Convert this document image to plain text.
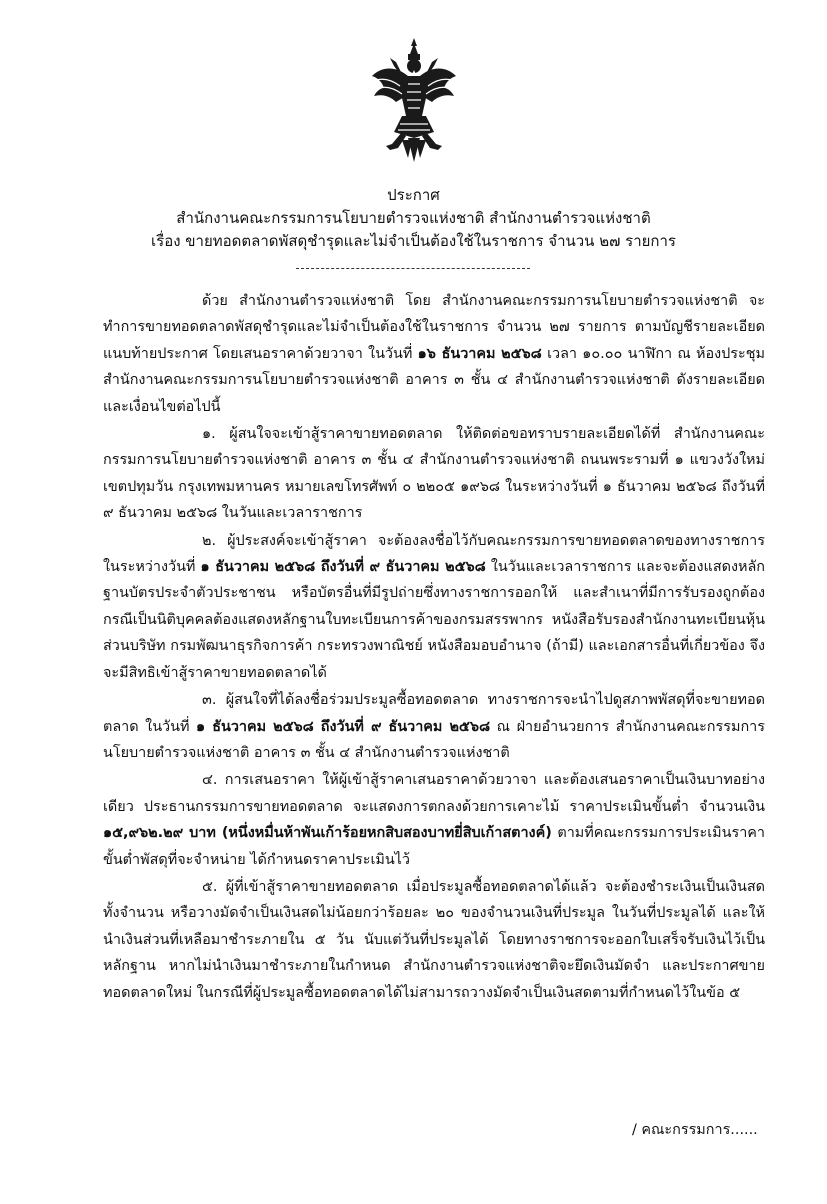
ประกาศ
สำนักงานคณะกรรมการนโยบายตำรวจแห่งชาติ สำนักงานตำรวจแห่งชาติ
เรื่อง ขายทอดตลาดพัสดุชำรุดและไม่จำเป็นต้องใช้ในราชการ จำนวน ๒๗ รายการ

ด้วย สำนักงานตำรวจแห่งชาติ โดย สำนักงานคณะกรรมการนโยบายตำรวจแห่งชาติ จะทำการขายทอดตลาดพัสดุชำรุดและไม่จำเป็นต้องใช้ในราชการ จำนวน ๒๗ รายการ ตามบัญชีรายละเอียดแนบท้ายประกาศ โดยเสนอราคาด้วยวาจา ในวันที่ ๑๖ ธันวาคม ๒๕๖๘ เวลา ๑๐.๐๐ นาฬิกา ณ ห้องประชุม สำนักงานคณะกรรมการนโยบายตำรวจแห่งชาติ อาคาร ๓ ชั้น ๔ สำนักงานตำรวจแห่งชาติ ดังรายละเอียดและเงื่อนไขต่อไปนี้

๑. ผู้สนใจจะเข้าสู้ราคาขายทอดตลาด ให้ติดต่อขอทราบรายละเอียดได้ที่ สำนักงานคณะกรรมการนโยบายตำรวจแห่งชาติ อาคาร ๓ ชั้น ๔ สำนักงานตำรวจแห่งชาติ ถนนพระรามที่ ๑ แขวงวังใหม่ เขตปทุมวัน กรุงเทพมหานคร หมายเลขโทรศัพท์ ๐ ๒๒๐๕ ๑๙๖๘ ในระหว่างวันที่ ๑ ธันวาคม ๒๕๖๘ ถึงวันที่ ๙ ธันวาคม ๒๕๖๘ ในวันและเวลาราชการ

๒. ผู้ประสงค์จะเข้าสู้ราคา จะต้องลงชื่อไว้กับคณะกรรมการขายทอดตลาดของทางราชการ ในระหว่างวันที่ ๑ ธันวาคม ๒๕๖๘ ถึงวันที่ ๙ ธันวาคม ๒๕๖๘ ในวันและเวลาราชการ และจะต้องแสดงหลักฐานบัตรประจำตัวประชาชน หรือบัตรอื่นที่มีรูปถ่ายซึ่งทางราชการออกให้ และสำเนาที่มีการรับรองถูกต้อง กรณีเป็นนิติบุคคลต้องแสดงหลักฐานใบทะเบียนการค้าของกรมสรรพากร หนังสือรับรองสำนักงานทะเบียนหุ้นส่วนบริษัท กรมพัฒนาธุรกิจการค้า กระทรวงพาณิชย์ หนังสือมอบอำนาจ (ถ้ามี) และเอกสารอื่นที่เกี่ยวข้อง จึงจะมีสิทธิเข้าสู้ราคาขายทอดตลาดได้

๓. ผู้สนใจที่ได้ลงชื่อร่วมประมูลซื้อทอดตลาด ทางราชการจะนำไปดูสภาพพัสดุที่จะขายทอดตลาด ในวันที่ ๑ ธันวาคม ๒๕๖๘ ถึงวันที่ ๙ ธันวาคม ๒๕๖๘ ณ ฝ่ายอำนวยการ สำนักงานคณะกรรมการนโยบายตำรวจแห่งชาติ อาคาร ๓ ชั้น ๔ สำนักงานตำรวจแห่งชาติ

๔. การเสนอราคา ให้ผู้เข้าสู้ราคาเสนอราคาด้วยวาจา และต้องเสนอราคาเป็นเงินบาทอย่างเดียว ประธานกรรมการขายทอดตลาด จะแสดงการตกลงด้วยการเคาะไม้ ราคาประเมินขั้นต่ำ จำนวนเงิน ๑๕,๙๖๒.๒๙ บาท (หนึ่งหมื่นห้าพันเก้าร้อยหกสิบสองบาทยี่สิบเก้าสตางค์) ตามที่คณะกรรมการประเมินราคาขั้นต่ำพัสดุที่จะจำหน่าย ได้กำหนดราคาประเมินไว้

๕. ผู้ที่เข้าสู้ราคาขายทอดตลาด เมื่อประมูลซื้อทอดตลาดได้แล้ว จะต้องชำระเงินเป็นเงินสดทั้งจำนวน หรือวางมัดจำเป็นเงินสดไม่น้อยกว่าร้อยละ ๒๐ ของจำนวนเงินที่ประมูล ในวันที่ประมูลได้ และให้นำเงินส่วนที่เหลือมาชำระภายใน ๕ วัน นับแต่วันที่ประมูลได้ โดยทางราชการจะออกใบเสร็จรับเงินไว้เป็นหลักฐาน หากไม่นำเงินมาชำระภายในกำหนด สำนักงานตำรวจแห่งชาติจะยึดเงินมัดจำ และประกาศขายทอดตลาดใหม่ ในกรณีที่ผู้ประมูลซื้อทอดตลาดได้ไม่สามารถวางมัดจำเป็นเงินสดตามที่กำหนดไว้ในข้อ ๕

/ คณะกรรมการ......
